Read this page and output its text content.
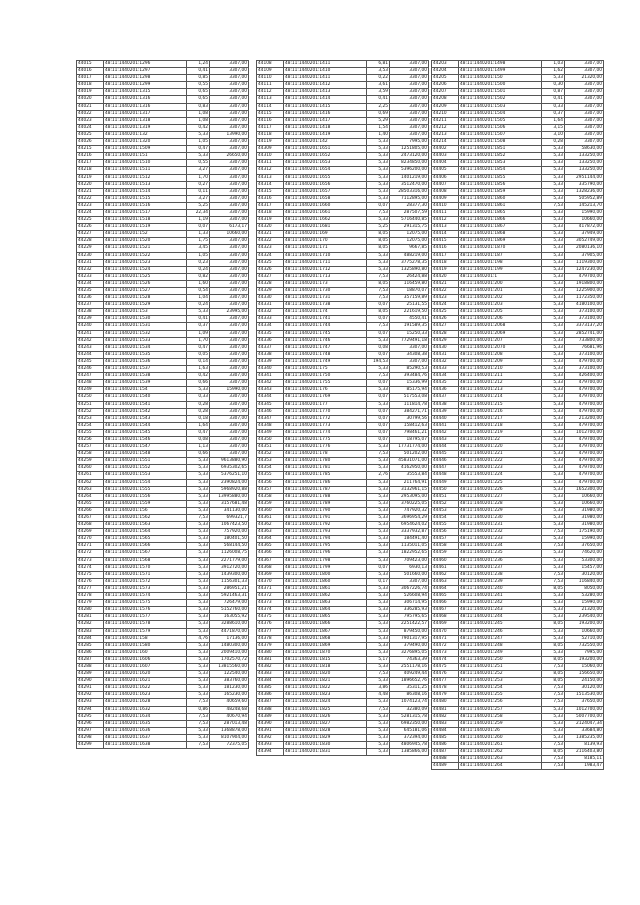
44015	48:11:1440201:1296	1,24	3307,00
44016	48:11:1440201:1297	0,41	3307,00
44017	48:11:1440201:1298	0,85	3307,00
44018	48:11:1440201:1299	0,55	3307,00
44019	48:11:1440201:1315	0,65	3307,00
44020	48:11:1440201:1316	0,65	3307,00
44021	48:11:1440201:1316	0,83	3307,00
44022	48:11:1440201:1317	1,08	3307,00
44023	48:11:1440201:1318	1,08	3307,00
44024	48:11:1440201:1319	0,42	3307,00
44025	48:11:1440201:132	5,33	13990,00
44026	48:11:1440201:1320	1,05	3307,00
44215	48:11:1440201:1509	0,47	3307,00
44216	48:11:1440201:151	5,33	26650,00
44217	48:11:1440201:1510	0,55	3307,00
44218	48:11:1440201:1511	3,27	3307,00
44219	48:11:1440201:1512	1,70	3307,00
44220	48:11:1440201:1513	0,27	3307,00
44221	48:11:1440201:1514	0,11	3307,00
44222	48:11:1440201:1515	3,27	3307,00
44223	48:11:1440201:1516	5,25	3307,00
44224	48:11:1440201:1517	22,34	3307,00
44225	48:11:1440201:1518	1,19	3307,00
44226	48:11:1440201:1519	0,07	6173,17
44227	48:11:1440201:152	1,33	10660,00
44228	48:11:1440201:1520	1,75	3307,00
44229	48:11:1440201:1521	3,45	3307,00
44230	48:11:1440201:1522	1,05	3307,00
44231	48:11:1440201:1523	0,23	3307,00
44232	48:11:1440201:1524	0,24	3307,00
44233	48:11:1440201:1525	0,82	3307,00
44234	48:11:1440201:1526	1,60	3307,00
44235	48:11:1440201:1527	0,54	3307,00
44236	48:11:1440201:1528	1,04	3307,00
44237	48:11:1440201:1529	0,24	3307,00
44238	48:11:1440201:153	5,33	23995,00
44239	48:11:1440201:1530	0,41	3307,00
44240	48:11:1440201:1531	0,37	3307,00
44241	48:11:1440201:1532	1,09	3307,00
44242	48:11:1440201:1533	1,70	3307,00
44243	48:11:1440201:1534	0,47	3307,00
44244	48:11:1440201:1535	0,05	3307,00
44245	48:11:1440201:1536	0,14	3307,00
44246	48:11:1440201:1537	1,63	3307,00
44247	48:11:1440201:1538	0,42	3307,00
44248	48:11:1440201:1539	0,66	3307,00
44249	48:11:1440201:154	5,33	15990,00
44250	48:11:1440201:1540	0,33	3307,00
44251	48:11:1440201:1541	0,28	3307,00
44252	48:11:1440201:1542	0,28	3307,00
44253	48:11:1440201:1543	0,18	3307,00
44254	48:11:1440201:1544	1,64	3307,00
44255	48:11:1440201:1545	0,47	3307,00
44256	48:11:1440201:1546	0,08	3307,00
44257	48:11:1440201:1547	1,13	3307,00
44258	48:11:1440201:1548	0,66	3307,00
44259	48:11:1440201:1551	5,33	9613880,90
44260	48:11:1440201:1552	5,33	6935302,65
44261	48:11:1440201:1553	5,33	5376251,10
44262	48:11:1440201:1554	5,33	2390824,00
44263	48:11:1440201:1555	5,33	5968920,88
44264	48:11:1440201:1556	5,33	13995880,00
44265	48:11:1440201:1559	5,33	3157681,48
44266	48:11:1440201:156	5,33	341130,00
44267	48:11:1440201:1562	7,53	699321,7
44268	48:11:1440201:1563	5,33	1067423,50
44269	48:11:1440201:1564	5,33	757920,00
44270	48:11:1440201:1565	5,33	180401,50
44271	48:11:1440201:1566	5,33	568144,50
44272	48:11:1440201:1567	5,33	1126008,75
44273	48:11:1440201:1568	5,33	2271779,00
44274	48:11:1440201:1570	5,33	3912720,00
44275	48:11:1440201:1571	5,33	1439300,00
44276	48:11:1440201:1572	5,33	1156301,33
44277	48:11:1440201:1573	5,33	286951,21
44278	48:11:1440201:1574	5,33	5921463,31
44279	48:11:1440201:1575	5,33	726479,00
44280	48:11:1440201:1576	5,33	5152760,00
44281	48:11:1440201:1577	5,33	163055,92
44282	48:11:1440201:1578	5,33	3288610,00
44283	48:11:1440201:1579	5,33	4471870,00
44284	48:11:1440201:158	4,76	17136,00
44285	48:11:1440201:1580	5,33	1480300,00
44286	48:11:1440201:160	5,33	2009410,00
44287	48:11:1440201:1606	5,33	1702570,72
44288	48:11:1440201:1607	5,33	13815560,00
44289	48:11:1440201:1620	5,33	122540,00
44290	48:11:1440201:1621	5,33	383760,00
44291	48:11:1440201:1622	5,33	181230,00
44292	48:11:1440201:1623	5,33	165230,00
44293	48:11:1440201:1628	7,53	40659,60
44294	48:11:1440201:1632	0,86	48248,68
44295	48:11:1440201:1634	7,53	40670,94
44296	48:11:1440201:1635	7,53	287013,48
44297	48:11:1440201:1636	5,33	1368878,00
44298	48:11:1440201:1637	5,33	8107904,00
44299	48:11:1440201:1638	7,53	72375,05
44108	48:11:1440201:1411	6,81	3307,00
44109	48:11:1440201:1410	3,53	3307,00
44110	48:11:1440201:1411	0,22	3307,00
44111	48:11:1440201:1412	3,61	3307,00
44112	48:11:1440201:1413	3,59	3307,00
44113	48:11:1440201:1414	0,41	3307,00
44114	48:11:1440201:1415	2,25	3307,00
44115	48:11:1440201:1416	0,69	3307,00
44116	48:11:1440201:1417	5,29	3307,00
44117	48:11:1440201:1418	1,54	3307,00
44118	48:11:1440201:1419	1,40	3307,00
44119	48:11:1440201:142	5,33	7995,00
44309	48:11:1440201:1651	5,33	1251805,00
44310	48:11:1440201:1652	5,33	2473120,00
44311	48:11:1440201:1653	5,33	8234850,00
44312	48:11:1440201:1654	5,33	5396200,00
44313	48:11:1440201:1655	5,33	1401219,00
44314	48:11:1440201:1656	5,33	3512470,00
44315	48:11:1440201:1657	5,33	28503316,00
44316	48:11:1440201:1658	5,33	7112895,00
44317	48:11:1440201:1660	0,07	28377,30
44318	48:11:1440201:1661	7,53	287507,59
44319	48:11:1440201:1662	5,33	5716440,85
44320	48:11:1440201:1681	5,25	291315,75
44321	48:11:1440201:169	8,05	12075,00
44322	48:11:1440201:170	8,05	12075,00
44323	48:11:1440201:171	8,05	9667,85
44324	48:11:1440201:1710	5,33	488219,00
44325	48:11:1440201:1711	5,33	3775278,35
44326	48:11:1440201:1712	5,33	1325890,80
44327	48:11:1440201:1713	7,53	26424,88
44328	48:11:1440201:173	8,05	116459,80
44329	48:11:1440201:1730	7,53	18870,07
44330	48:11:1440201:1731	7,53	357159,89
44331	48:11:1440201:1738	0,07	25131,55
44332	48:11:1440201:174	8,05	221619,50
44333	48:11:1440201:1741	0,07	4550,41
44334	48:11:1440201:1744	7,53	191589,35
44335	48:11:1440201:1745	0,07	15250,33
44336	48:11:1440201:1746	5,33	7729491,18
44337	48:11:1440201:1747	0,08	3307,00
44338	48:11:1440201:1748	0,07	34308,38
44339	48:11:1440201:1749	194,53	3307,00
44340	48:11:1440201:175	5,33	85290,53
44341	48:11:1440201:1750	7,53	393484,76
44342	48:11:1440201:1755	0,07	15336,99
44343	48:11:1440201:176	5,33	85175,94
44344	48:11:1440201:1769	0,07	517553,08
44345	48:11:1440201:177	5,33	111814,78
44346	48:11:1440201:1770	0,07	384271,71
44347	48:11:1440201:1772	0,07	30799,56
44348	48:11:1440201:1773	0,07	158412,63
44349	48:11:1440201:1774	0,07	798461,21
44350	48:11:1440201:1775	0,07	18795,07
44351	48:11:1440201:1776	5,33	17731774,00
44352	48:11:1440201:178	7,53	501202,00
44353	48:11:1440201:1780	5,33	45831071,00
44354	48:11:1440201:1781	5,33	4162950,00
44355	48:11:1440201:1785	2,76	35553,84
44356	48:11:1440201:1786	5,33	211764,91
44357	48:11:1440201:1787	5,33	3132961,15
44358	48:11:1440201:1788	5,33	2953095,00
44359	48:11:1440201:1789	5,33	3760225,05
44360	48:11:1440201:1790	5,33	747920,32
44361	48:11:1440201:1791	5,33	3696954,29
44362	48:11:1440201:1792	5,33	6954624,02
44363	48:11:1440201:1793	5,33	3337932,87
44364	48:11:1440201:1794	5,33	184491,40
44365	48:11:1440201:1795	5,33	1135011,05
44366	48:11:1440201:1796	5,33	1822952,65
44367	48:11:1440201:1798	5,33	709423,00
44368	48:11:1440201:1799	0,07	6930,13
44369	48:11:1440201:1800	5,33	501660,00
44370	48:11:1440201:1860	0,17	3307,00
44371	48:11:1440201:1861	5,33	3067226,74
44372	48:11:1440201:1862	5,33	526608,94
44373	48:11:1440201:1863	5,33	306714,95
44374	48:11:1440201:1864	5,33	336285,93
44375	48:11:1440201:1865	5,33	795795,65
44376	48:11:1440201:1866	5,33	2251422,57
44377	48:11:1440201:1867	5,33	879450,00
44378	48:11:1440201:1868	5,33	7901317,95
44379	48:11:1440201:1869	5,33	379490,00
44380	48:11:1440201:1870	5,33	3276895,05
44381	48:11:1440201:1815	5,17	74363,39
44382	48:11:1440201:1818	5,33	2551178,16
44383	48:11:1440201:1820	7,53	409249,44
44384	48:11:1440201:1821	5,33	1896652,76
44385	48:11:1440201:1822	3,86	35311,25
44386	48:11:1440201:1823	4,48	86308,16
44387	48:11:1440201:1824	5,33	1074123,74
44388	48:11:1440201:1825	7,53	32380,09
44389	48:11:1440201:1826	5,33	5281315,78
44390	48:11:1440201:1827	5,33	6982350,00
44391	48:11:1440201:1828	5,33	645181,06
44392	48:11:1440201:1829	5,33	372394,00
44393	48:11:1440201:1830	5,33	4806945,78
44394	48:11:1440201:1831	5,33	1385866,00
44203	48:11:1440201:1498	1,03	3307,00
44204	48:11:1440201:1499	1,62	3307,00
44205	48:11:1440201:150	5,33	21320,00
44206	48:11:1440201:1500	0,30	3307,00
44207	48:11:1440201:1501	0,87	3307,00
44208	48:11:1440201:1502	0,41	3307,00
44209	48:11:1440201:1503	0,33	3307,00
44210	48:11:1440201:1504	0,37	3307,00
44211	48:11:1440201:1505	1,64	3307,00
44212	48:11:1440201:1506	3,15	3307,00
44213	48:11:1440201:1507	3,10	3307,00
44214	48:11:1440201:1508	0,28	3307,00
44402	48:11:1440201:1851	5,33	58630,00
44403	48:11:1440201:1852	5,33	133250,00
44404	48:11:1440201:1853	5,33	133250,00
44405	48:11:1440201:1854	5,33	133250,00
44406	48:11:1440201:1855	5,33	2951144,00
44407	48:11:1440201:1856	5,33	335790,00
44408	48:11:1440201:1859	5,33	1328236,00
44409	48:11:1440201:1860	5,33	505952,89
44410	48:11:1440201:1861	7,53	145213,70
44411	48:11:1440201:1865	5,33	15990,00
44412	48:11:1440201:1866	5,33	10660,00
44413	48:11:1440201:1867	5,33	417872,00
44414	48:11:1440201:1868	5,33	37949,00
44415	48:11:1440201:1869	5,33	3052749,00
44416	48:11:1440201:1870	5,33	2080136,10
44417	48:11:1440201:187	5,33	37905,00
44418	48:11:1440201:198	5,33	1119300,00
44419	48:11:1440201:199	5,33	1247230,00
44420	48:11:1440201:1	5,33	479700,00
44421	48:11:1440201:200	5,33	1918800,00
44422	48:11:1440201:201	5,33	1225900,00
44423	48:11:1440201:202	5,33	1172350,00
44424	48:11:1440201:203	5,33	4180100,00
44425	48:11:1440201:205	5,33	373100,00
44426	48:11:1440201:206	5,33	373100,00
44427	48:11:1440201:2068	5,33	3373137,20
44428	48:11:1440201:2069	5,33	2852741,00
44429	48:11:1440201:207	5,33	733800,00
44430	48:11:1440201:2070	5,33	76681,96
44431	48:11:1440201:208	5,33	373100,00
44432	48:11:1440201:209	5,33	479700,00
44433	48:11:1440201:210	5,33	373100,00
44434	48:11:1440201:211	5,33	426400,00
44435	48:11:1440201:212	5,33	479700,00
44436	48:11:1440201:213	5,33	479700,00
44437	48:11:1440201:214	5,33	479700,00
44438	48:11:1440201:215	5,33	479700,00
44439	48:11:1440201:216	5,33	479700,00
44440	48:11:1440201:217	5,33	213200,00
44441	48:11:1440201:218	5,33	479700,00
44442	48:11:1440201:219	5,33	1012700,00
44443	48:11:1440201:22	5,33	479700,00
44444	48:11:1440201:220	5,33	479700,00
44445	48:11:1440201:221	5,33	479700,00
44446	48:11:1440201:222	5,33	479700,00
44447	48:11:1440201:223	5,33	479700,00
44448	48:11:1440201:224	5,33	479700,00
44449	48:11:1440201:225	5,33	479700,00
44450	48:11:1440201:226	5,33	1652300,00
44451	48:11:1440201:227	5,33	10660,00
44452	48:11:1440201:228	5,33	10660,00
44453	48:11:1440201:229	5,33	31980,00
44454	48:11:1440201:230	5,33	31980,00
44455	48:11:1440201:231	5,33	31980,00
44456	48:11:1440201:232	7,53	175190,00
44457	48:11:1440201:233	5,33	15990,00
44458	48:11:1440201:234	7,53	37650,00
44459	48:11:1440201:235	5,33	74620,00
44460	48:11:1440201:236	5,33	53300,00
44461	48:11:1440201:237	5,33	15457,00
44462	48:11:1440201:238	7,53	30120,00
44463	48:11:1440201:239	7,53	116840,00
44464	48:11:1440201:240	8,05	8050,00
44465	48:11:1440201:241	5,33	53280,00
44466	48:11:1440201:242	5,33	15990,00
44467	48:11:1440201:243	5,33	21320,00
44468	48:11:1440201:244	5,33	239540,00
44469	48:11:1440201:245	8,05	193200,00
44470	48:11:1440201:246	5,33	10660,00
44471	48:11:1440201:247	5,33	52710,00
44472	48:11:1440201:248	8,05	732550,00
44473	48:11:1440201:249	5,33	7995,00
44474	48:11:1440201:250	8,05	193200,00
44475	48:11:1440201:251	7,53	15060,00
44476	48:11:1440201:252	8,05	156650,00
44477	48:11:1440201:253	8,05	24150,00
44478	48:11:1440201:254	7,53	30120,00
44479	48:11:1440201:255	7,53	1513530,00
44480	48:11:1440201:256	7,53	37650,00
44481	48:11:1440201:257	5,33	1012700,00
44482	48:11:1440201:258	5,33	5007700,00
44483	48:11:1440201:259	5,33	2124047,34
44484	48:11:1440201:26	5,33	33684,80
44485	48:11:1440201:260	5,33	1385235,00
44486	48:11:1440201:261	7,53	8139,93
44487	48:11:1440201:262	8,05	2116403,80
44488	48:11:1440201:263	7,53	8185,11
44489	48:11:1440201:264	7,53	1983,47
